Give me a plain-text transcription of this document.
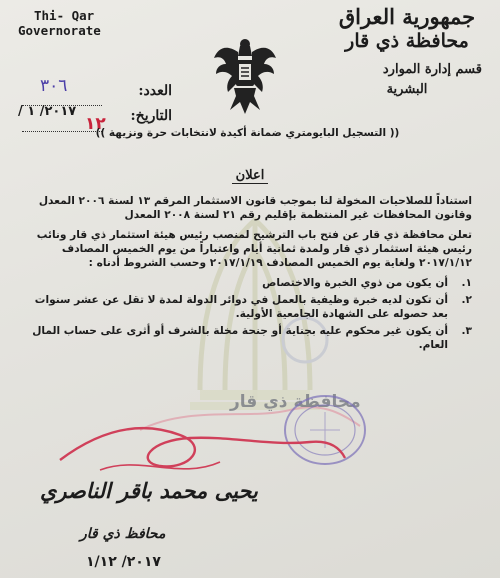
Thi- Qar
Governorate
جمهورية العراق
محافظة ذي قار
قسم إدارة الموارد
البشرية
العدد:
٣٠٦
التاريخ:
٢٠١٧/ ١ /
١٢
(( التسجيل البايومتري ضمانة أكيدة لانتخابات حرة ونزيهة ))
محافظة ذي قار
اعلان

استناداً للصلاحيات المخولة لنا بموجب قانون الاستثمار المرقم ١٣ لسنة ٢٠٠٦ المعدل وقانون المحافظات غير المنتظمة بإقليم رقم ٢١ لسنة ٢٠٠٨ المعدل

تعلن محافظة ذي قار عن فتح باب الترشيح لمنصب رئيس هيئة استثمار ذي قار ونائب رئيس هيئة استثمار ذي قار ولمدة ثمانية أيام واعتباراً من يوم الخميس المصادف ٢٠١٧/١/١٢ ولغاية يوم الخميس المصادف ٢٠١٧/١/١٩ وحسب الشروط أدناه :

١.
أن يكون من ذوي الخبرة والاختصاص
٢.
أن تكون لديه خبرة وظيفية بالعمل في دوائر الدولة لمدة لا تقل عن عشر سنوات بعد حصوله على الشهادة الجامعية الأولية.
٣.
أن يكون غير محكوم عليه بجناية أو جنحة مخلة بالشرف أو أثرى على حساب المال العام.
يحيى محمد باقر الناصري
محافظ ذي قار
٢٠١٧/ ١/١٢
